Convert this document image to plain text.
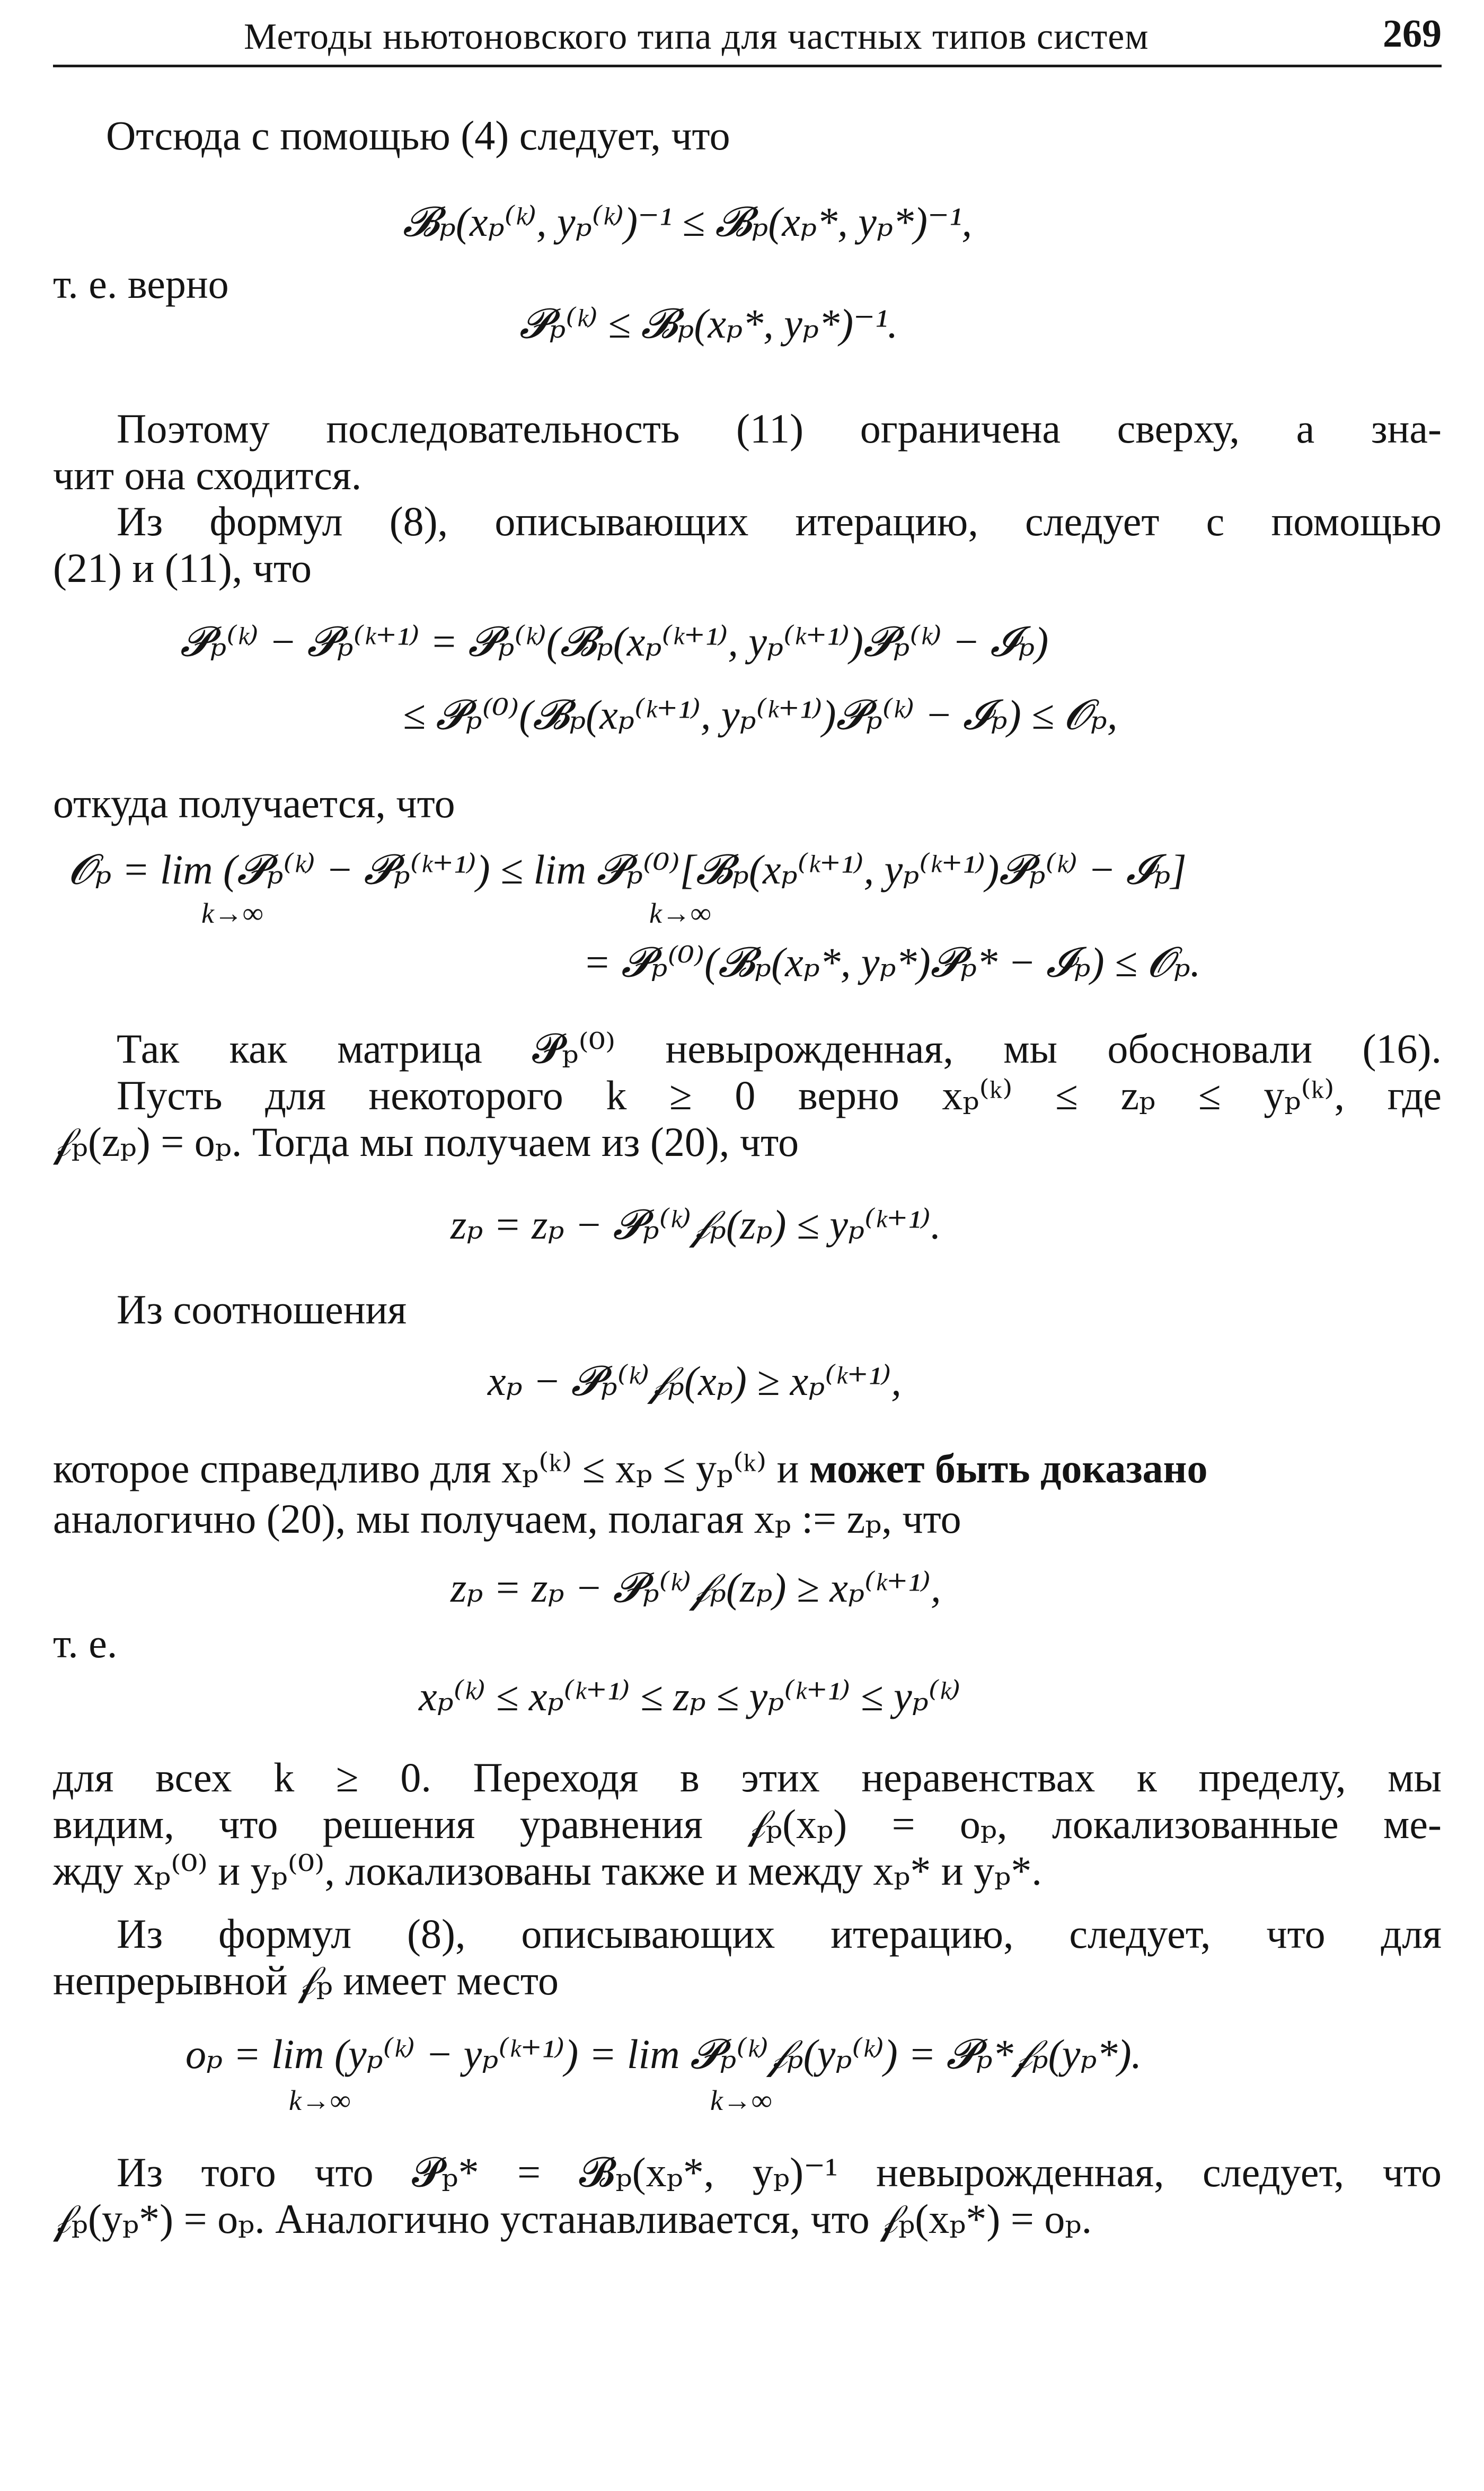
Методы ньютоновского типа для частных типов систем	269
Отсюда с помощью (4) следует, что
𝓑ₚ(xₚ⁽ᵏ⁾, yₚ⁽ᵏ⁾)⁻¹ ≤ 𝓑ₚ(xₚ*, yₚ*)⁻¹,
т. е. верно
𝓟ₚ⁽ᵏ⁾ ≤ 𝓑ₚ(xₚ*, yₚ*)⁻¹.
Поэтому последовательность (11) ограничена сверху, а зна-
чит она сходится.
Из формул (8), описывающих итерацию, следует с помощью
(21) и (11), что
𝓟ₚ⁽ᵏ⁾ − 𝓟ₚ⁽ᵏ⁺¹⁾ = 𝓟ₚ⁽ᵏ⁾(𝓑ₚ(xₚ⁽ᵏ⁺¹⁾, yₚ⁽ᵏ⁺¹⁾)𝓟ₚ⁽ᵏ⁾ − 𝓘ₚ)
≤ 𝓟ₚ⁽⁰⁾(𝓑ₚ(xₚ⁽ᵏ⁺¹⁾, yₚ⁽ᵏ⁺¹⁾)𝓟ₚ⁽ᵏ⁾ − 𝓘ₚ) ≤ 𝓞ₚ,
откуда получается, что
𝓞ₚ = lim (𝓟ₚ⁽ᵏ⁾ − 𝓟ₚ⁽ᵏ⁺¹⁾) ≤ lim 𝓟ₚ⁽⁰⁾[𝓑ₚ(xₚ⁽ᵏ⁺¹⁾, yₚ⁽ᵏ⁺¹⁾)𝓟ₚ⁽ᵏ⁾ − 𝓘ₚ]
k→∞	k→∞
= 𝓟ₚ⁽⁰⁾(𝓑ₚ(xₚ*, yₚ*)𝓟ₚ* − 𝓘ₚ) ≤ 𝓞ₚ.
Так как матрица 𝓟ₚ⁽⁰⁾ невырожденная, мы обосновали (16).
Пусть для некоторого k ≥ 0 верно xₚ⁽ᵏ⁾ ≤ zₚ ≤ yₚ⁽ᵏ⁾, где
𝒻ₚ(zₚ) = oₚ. Тогда мы получаем из (20), что
zₚ = zₚ − 𝓟ₚ⁽ᵏ⁾𝒻ₚ(zₚ) ≤ yₚ⁽ᵏ⁺¹⁾.
Из соотношения
xₚ − 𝓟ₚ⁽ᵏ⁾𝒻ₚ(xₚ) ≥ xₚ⁽ᵏ⁺¹⁾,
которое справедливо для xₚ⁽ᵏ⁾ ≤ xₚ ≤ yₚ⁽ᵏ⁾ и может быть доказано
аналогично (20), мы получаем, полагая xₚ := zₚ, что
zₚ = zₚ − 𝓟ₚ⁽ᵏ⁾𝒻ₚ(zₚ) ≥ xₚ⁽ᵏ⁺¹⁾,
т. е.
xₚ⁽ᵏ⁾ ≤ xₚ⁽ᵏ⁺¹⁾ ≤ zₚ ≤ yₚ⁽ᵏ⁺¹⁾ ≤ yₚ⁽ᵏ⁾
для всех k ≥ 0. Переходя в этих неравенствах к пределу, мы
видим, что решения уравнения 𝒻ₚ(xₚ) = oₚ, локализованные ме-
жду xₚ⁽⁰⁾ и yₚ⁽⁰⁾, локализованы также и между xₚ* и yₚ*.
Из формул (8), описывающих итерацию, следует, что для
непрерывной 𝒻ₚ имеет место
oₚ = lim (yₚ⁽ᵏ⁾ − yₚ⁽ᵏ⁺¹⁾) = lim 𝓟ₚ⁽ᵏ⁾𝒻ₚ(yₚ⁽ᵏ⁾) = 𝓟ₚ*𝒻ₚ(yₚ*).
k→∞	k→∞
Из того что 𝓟ₚ* = 𝓑ₚ(xₚ*, yₚ)⁻¹ невырожденная, следует, что
𝒻ₚ(yₚ*) = oₚ. Аналогично устанавливается, что 𝒻ₚ(xₚ*) = oₚ.
